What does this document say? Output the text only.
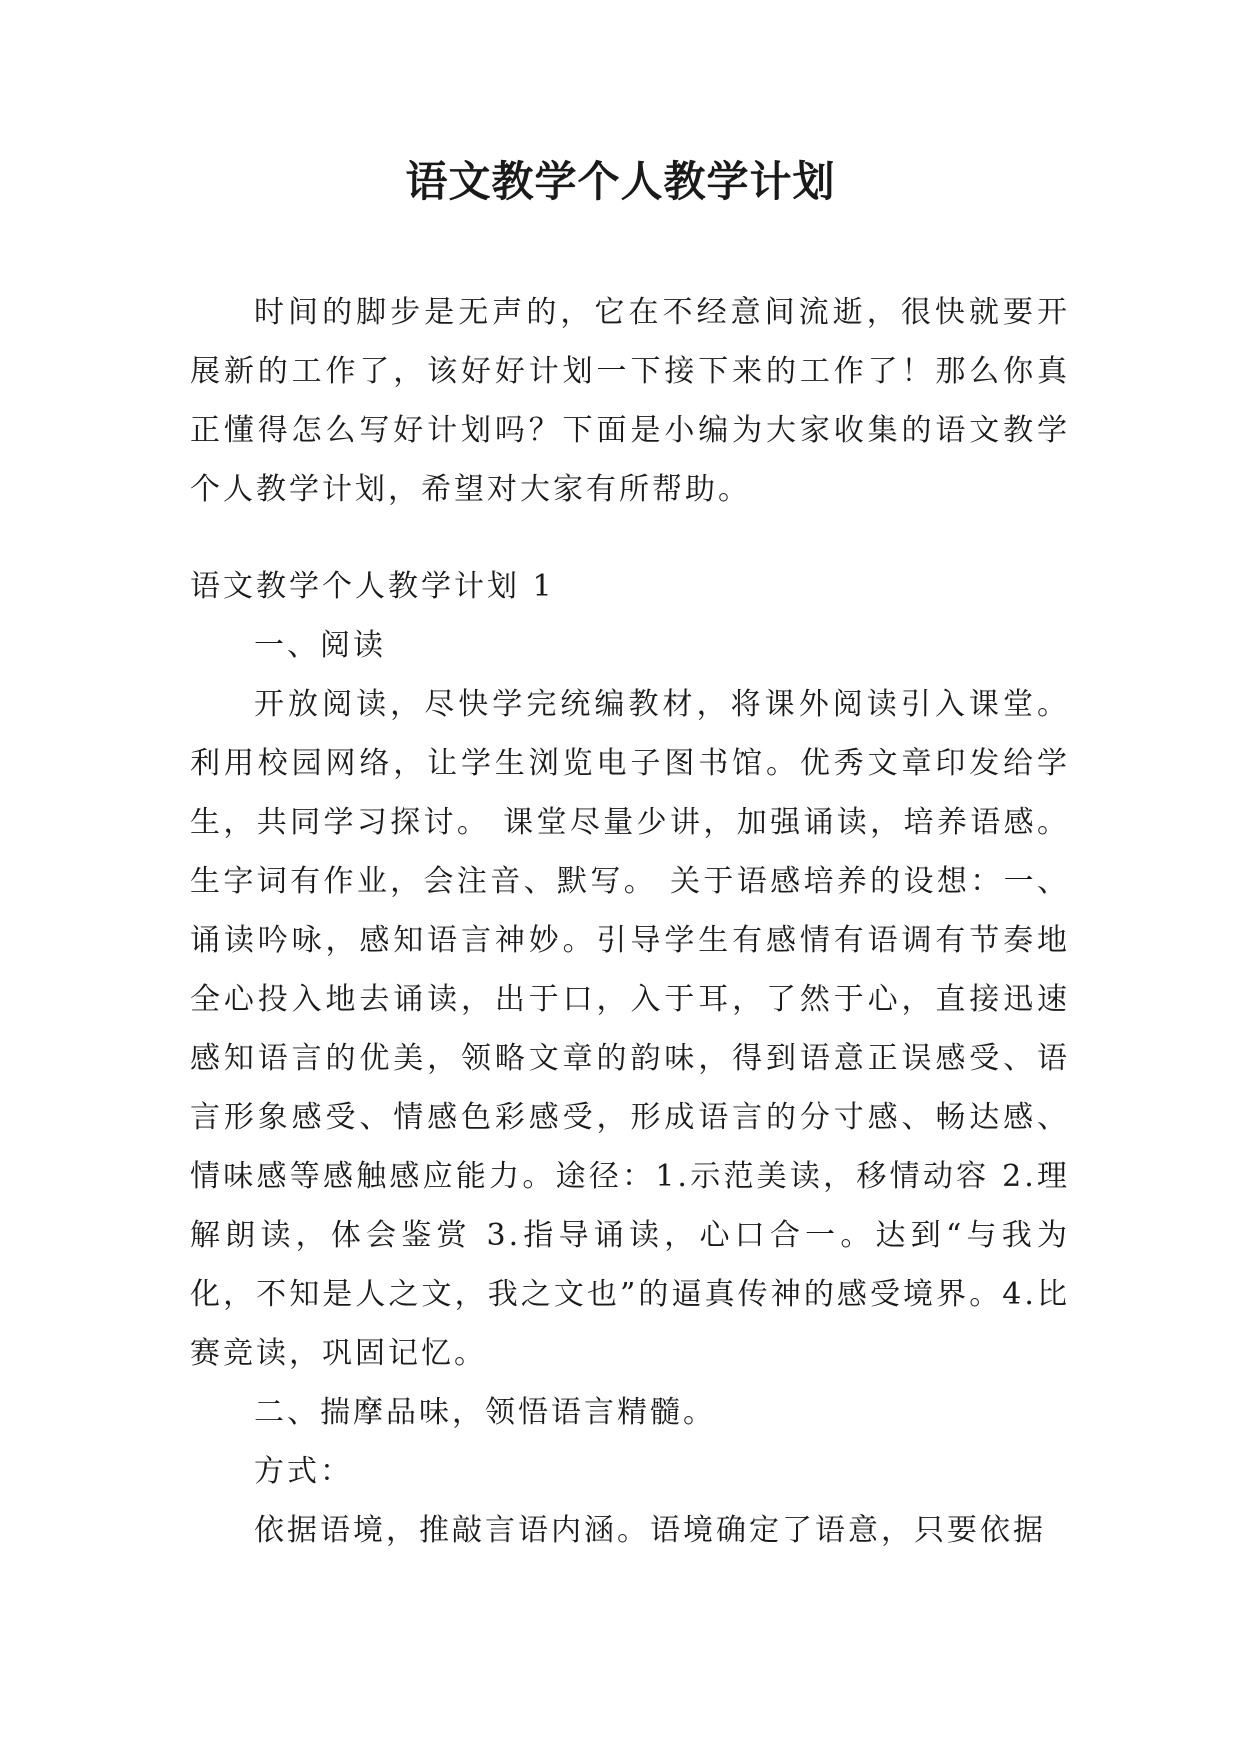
语文教学个人教学计划

时间的脚步是无声的，它在不经意间流逝，很快就要开展新的工作了，该好好计划一下接下来的工作了！那么你真正懂得怎么写好计划吗？下面是小编为大家收集的语文教学个人教学计划，希望对大家有所帮助。

语文教学个人教学计划 1

一、阅读

开放阅读，尽快学完统编教材，将课外阅读引入课堂。利用校园网络，让学生浏览电子图书馆。优秀文章印发给学生，共同学习探讨。 课堂尽量少讲，加强诵读，培养语感。生字词有作业，会注音、默写。 关于语感培养的设想：一、诵读吟咏，感知语言神妙。引导学生有感情有语调有节奏地全心投入地去诵读，出于口，入于耳，了然于心，直接迅速感知语言的优美，领略文章的韵味，得到语意正误感受、语言形象感受、情感色彩感受，形成语言的分寸感、畅达感、情味感等感触感应能力。途径：1.示范美读，移情动容 2.理解朗读，体会鉴赏 3.指导诵读，心口合一。达到“与我为化，不知是人之文，我之文也”的逼真传神的感受境界。4.比赛竞读，巩固记忆。

二、揣摩品味，领悟语言精髓。

方式：

依据语境，推敲言语内涵。语境确定了语意，只要依据
